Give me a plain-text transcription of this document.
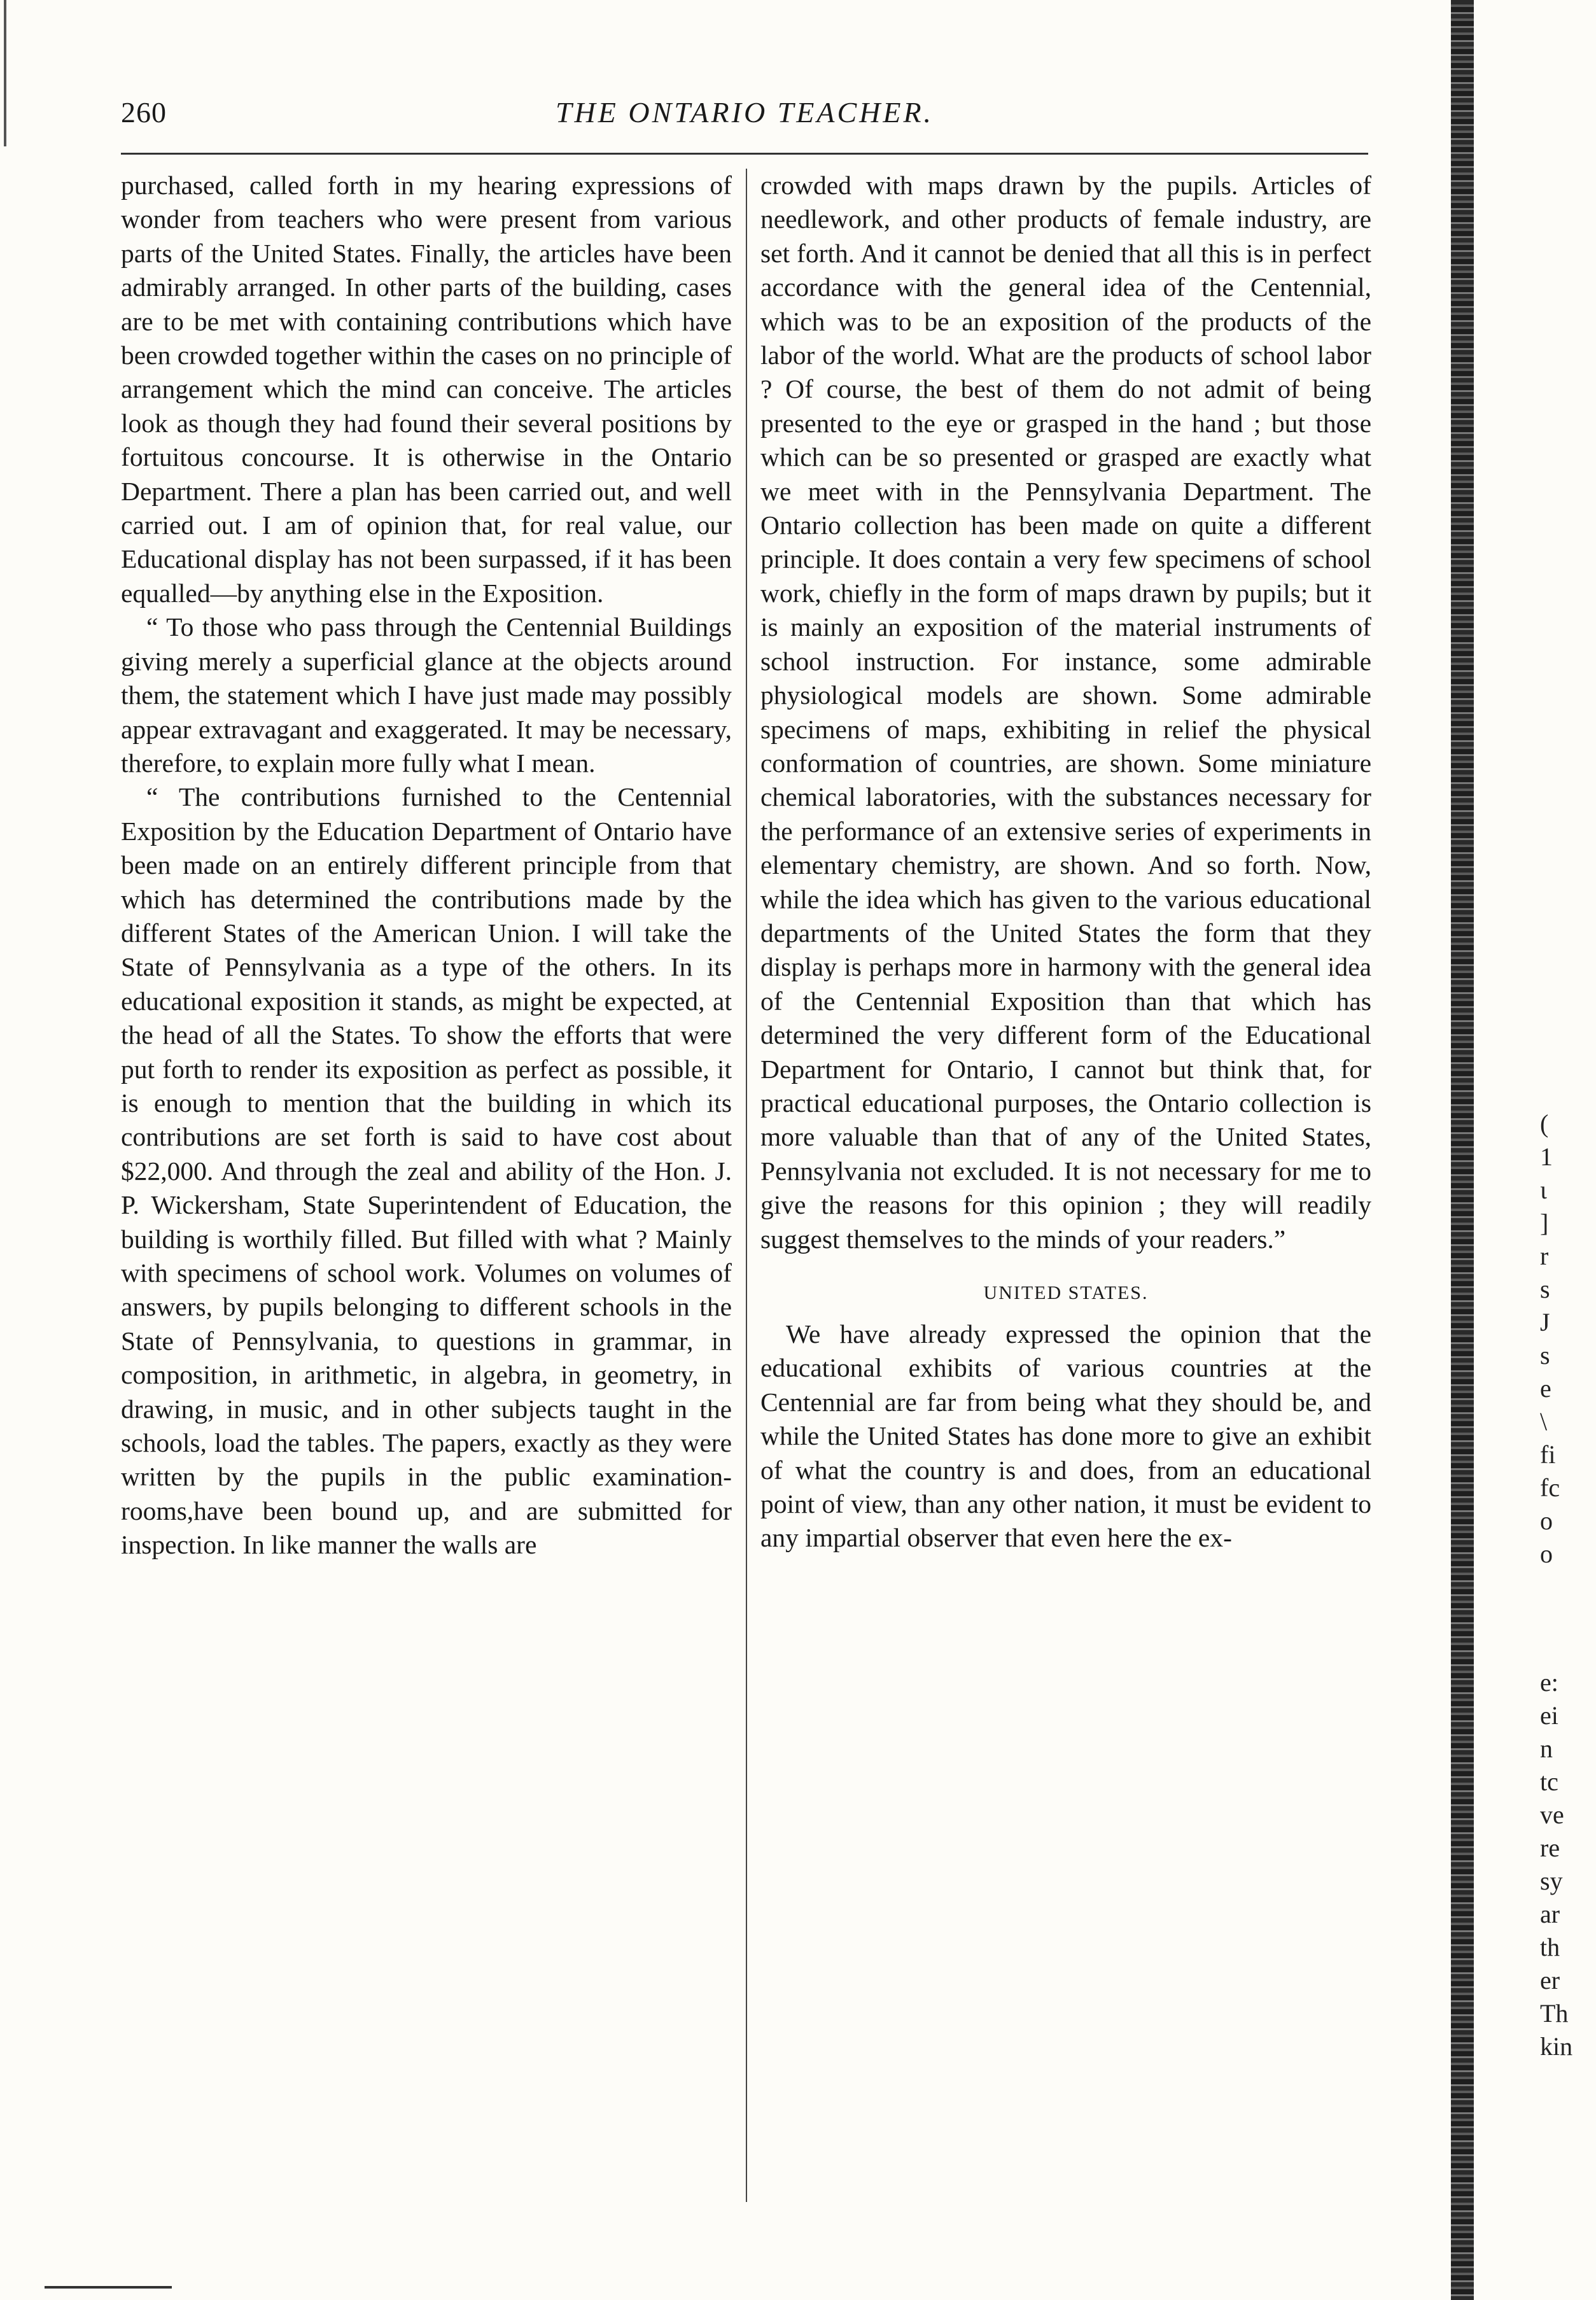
260	THE ONTARIO TEACHER.

purchased, called forth in my hearing expressions of wonder from teachers who were present from various parts of the United States. Finally, the articles have been admirably arranged. In other parts of the building, cases are to be met with containing contributions which have been crowded together within the cases on no principle of arrangement which the mind can conceive. The articles look as though they had found their several positions by fortuitous concourse. It is otherwise in the Ontario Department. There a plan has been carried out, and well carried out. I am of opinion that, for real value, our Educational display has not been surpassed, if it has been equalled—by anything else in the Exposition.

“ To those who pass through the Centennial Buildings giving merely a superficial glance at the objects around them, the statement which I have just made may possibly appear extravagant and exaggerated. It may be necessary, therefore, to explain more fully what I mean.

“ The contributions furnished to the Centennial Exposition by the Education Department of Ontario have been made on an entirely different principle from that which has determined the contributions made by the different States of the American Union. I will take the State of Pennsylvania as a type of the others. In its educational exposition it stands, as might be expected, at the head of all the States. To show the efforts that were put forth to render its exposition as perfect as possible, it is enough to mention that the building in which its contributions are set forth is said to have cost about $22,000. And through the zeal and ability of the Hon. J. P. Wickersham, State Superintendent of Education, the building is worthily filled. But filled with what ? Mainly with specimens of school work. Volumes on volumes of answers, by pupils belonging to different schools in the State of Pennsylvania, to questions in grammar, in composition, in arithmetic, in algebra, in geometry, in drawing, in music, and in other subjects taught in the schools, load the tables. The papers, exactly as they were written by the pupils in the public examination-rooms,have been bound up, and are submitted for inspection. In like manner the walls are

crowded with maps drawn by the pupils. Articles of needlework, and other products of female industry, are set forth. And it cannot be denied that all this is in perfect accordance with the general idea of the Centennial, which was to be an exposition of the products of the labor of the world. What are the products of school labor ? Of course, the best of them do not admit of being presented to the eye or grasped in the hand ; but those which can be so presented or grasped are exactly what we meet with in the Pennsylvania Department. The Ontario collection has been made on quite a different principle. It does contain a very few specimens of school work, chiefly in the form of maps drawn by pupils; but it is mainly an exposition of the material instruments of school instruction. For instance, some admirable physiological models are shown. Some admirable specimens of maps, exhibiting in relief the physical conformation of countries, are shown. Some miniature chemical laboratories, with the substances necessary for the performance of an extensive series of experiments in elementary chemistry, are shown. And so forth. Now, while the idea which has given to the various educational departments of the United States the form that they display is perhaps more in harmony with the general idea of the Centennial Exposition than that which has determined the very different form of the Educational Department for Ontario, I cannot but think that, for practical educational purposes, the Ontario collection is more valuable than that of any of the United States, Pennsylvania not excluded. It is not necessary for me to give the reasons for this opinion ; they will readily suggest themselves to the minds of your readers.”

UNITED STATES.

We have already expressed the opinion that the educational exhibits of various countries at the Centennial are far from being what they should be, and while the United States has done more to give an exhibit of what the country is and does, from an educational point of view, than any other nation, it must be evident to any impartial observer that even here the ex-

(
1
ɩ
]
r
s
J
s
e
\
fi
fc
o
o
e:
ei
n
tc
ve
re
sy
ar
th
er
Th
kin
